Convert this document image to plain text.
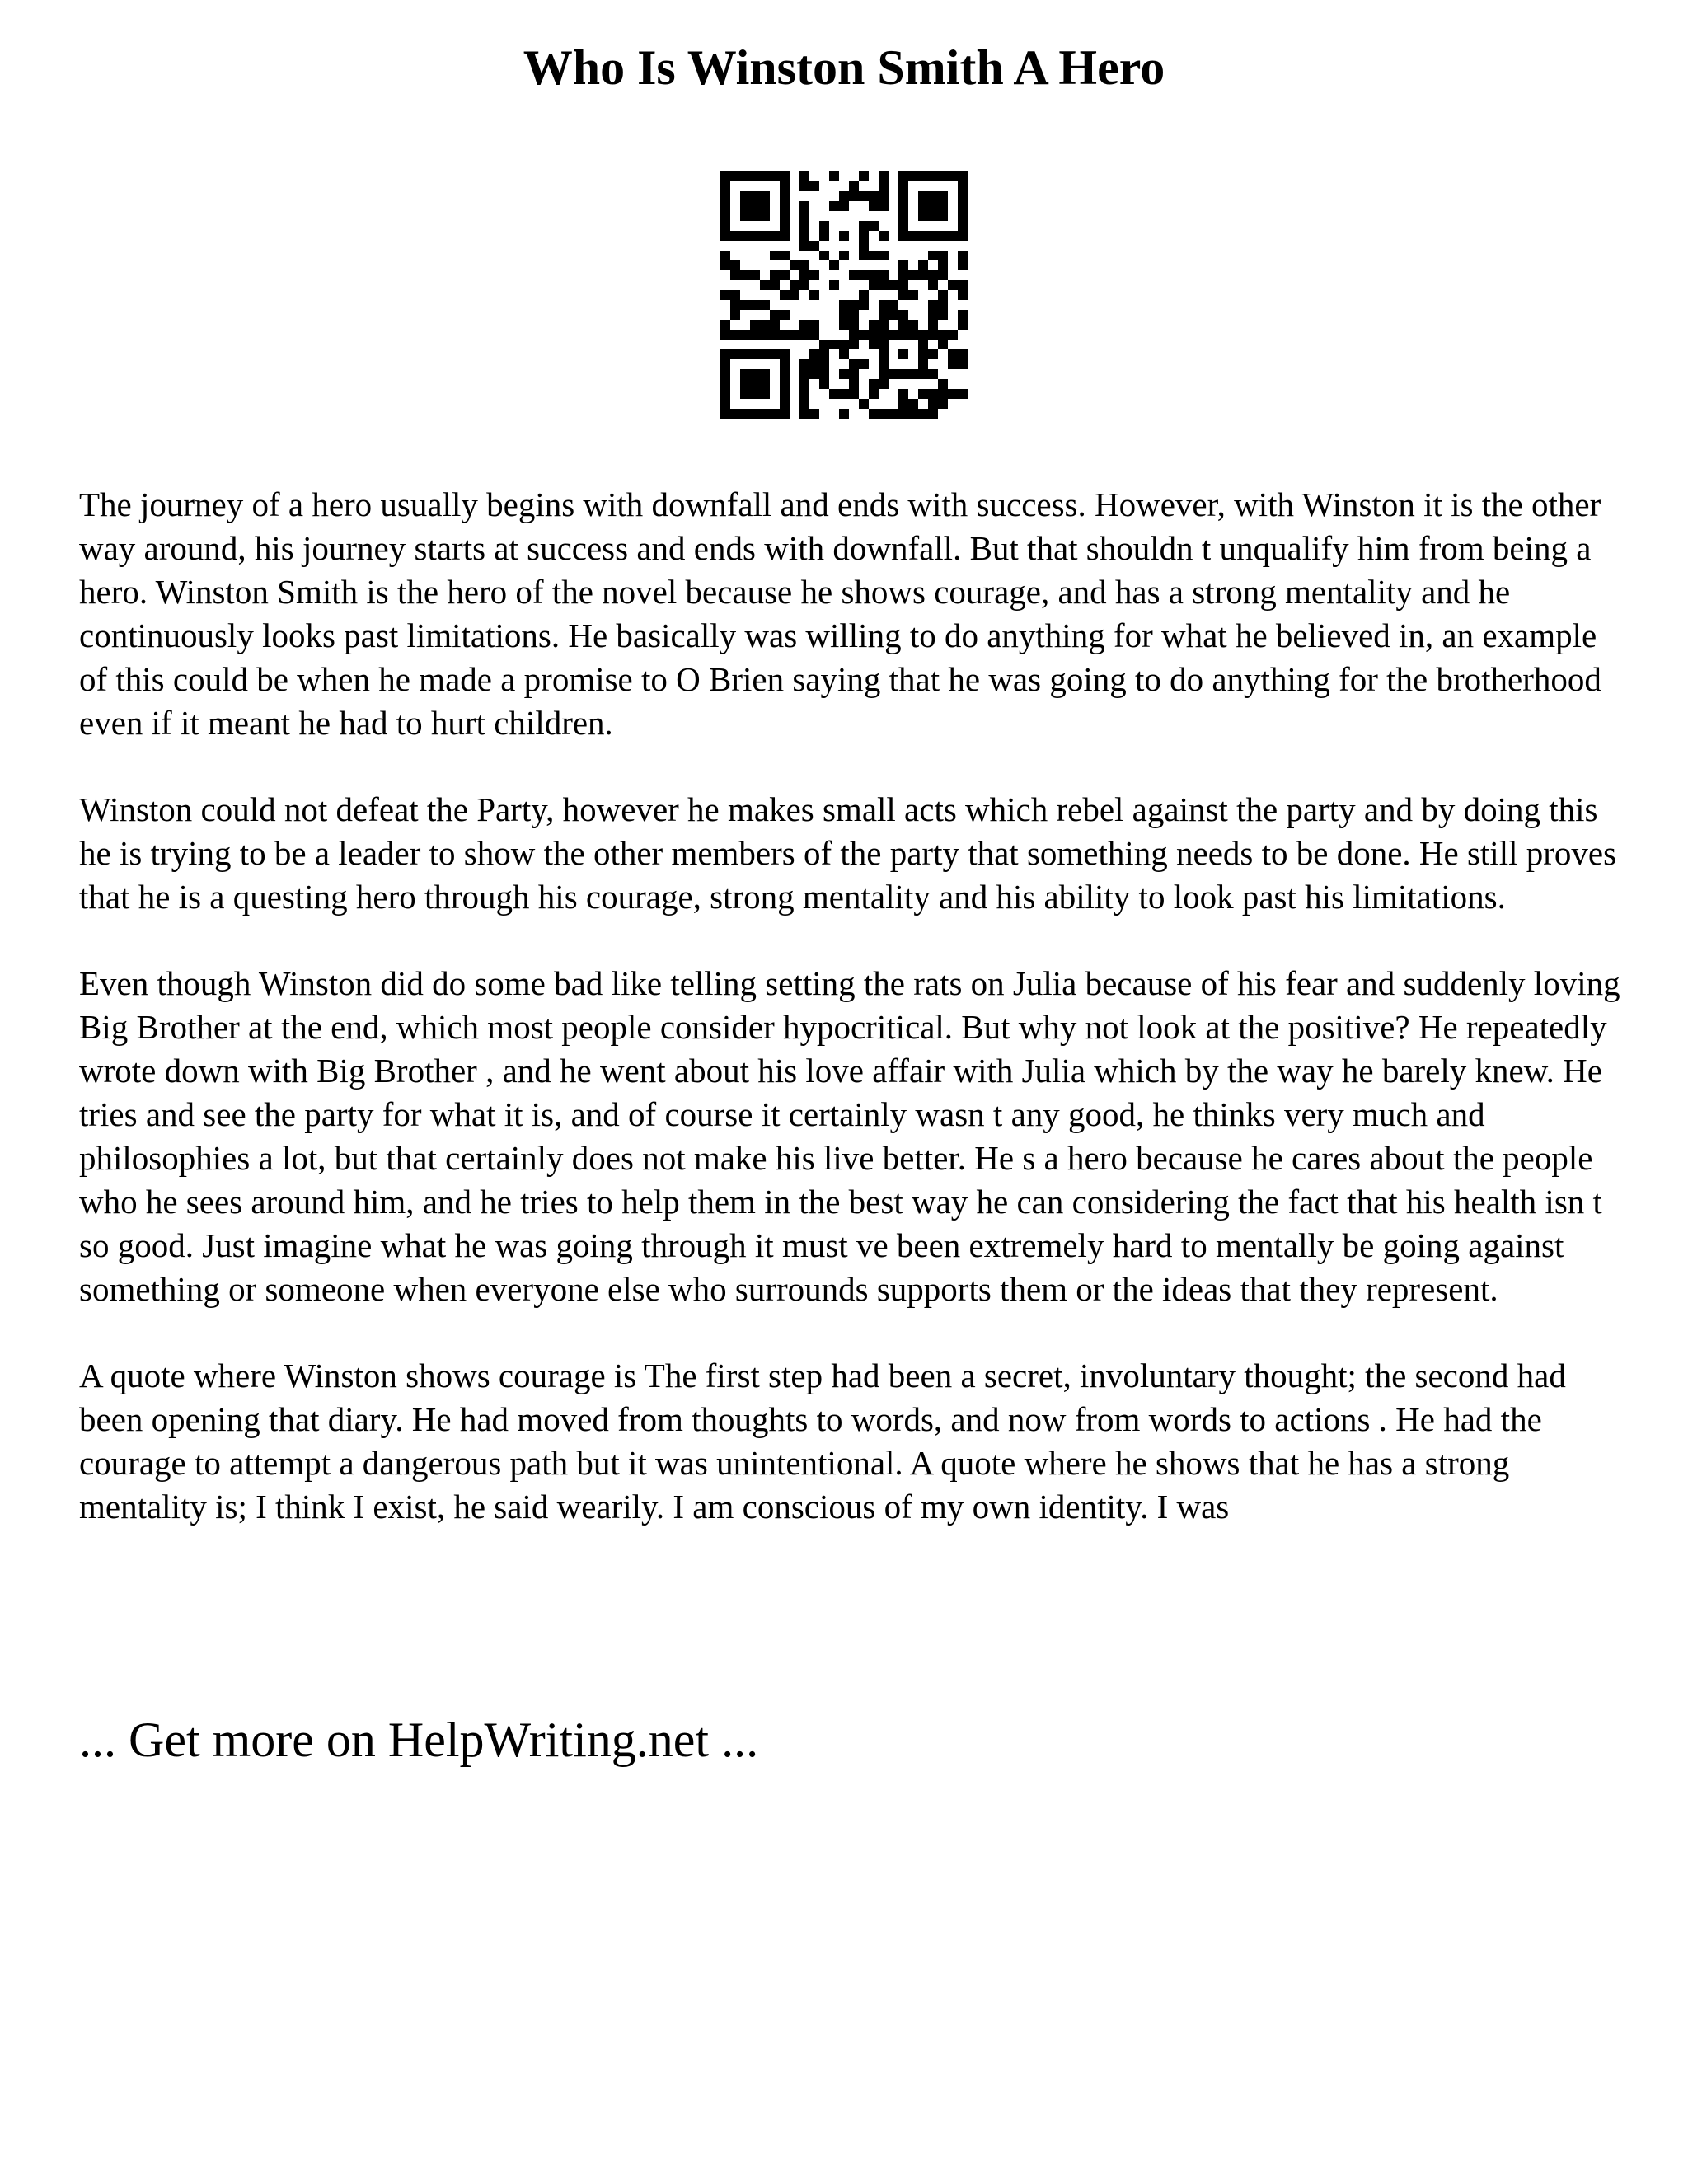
Who Is Winston Smith A Hero

The journey of a hero usually begins with downfall and ends with success. However, with Winston it is the other way around, his journey starts at success and ends with downfall. But that shouldn t unqualify him from being a hero. Winston Smith is the hero of the novel because he shows courage, and has a strong mentality and he continuously looks past limitations. He basically was willing to do anything for what he believed in, an example of this could be when he made a promise to O Brien saying that he was going to do anything for the brotherhood even if it meant he had to hurt children.

Winston could not defeat the Party, however he makes small acts which rebel against the party and by doing this he is trying to be a leader to show the other members of the party that something needs to be done. He still proves that he is a questing hero through his courage, strong mentality and his ability to look past his limitations.

Even though Winston did do some bad like telling setting the rats on Julia because of his fear and suddenly loving Big Brother at the end, which most people consider hypocritical. But why not look at the positive? He repeatedly wrote down with Big Brother , and he went about his love affair with Julia which by the way he barely knew. He tries and see the party for what it is, and of course it certainly wasn t any good, he thinks very much and philosophies a lot, but that certainly does not make his live better. He s a hero because he cares about the people who he sees around him, and he tries to help them in the best way he can considering the fact that his health isn t so good. Just imagine what he was going through it must ve been extremely hard to mentally be going against something or someone when everyone else who surrounds supports them or the ideas that they represent.

A quote where Winston shows courage is The first step had been a secret, involuntary thought; the second had been opening that diary. He had moved from thoughts to words, and now from words to actions . He had the courage to attempt a dangerous path but it was unintentional. A quote where he shows that he has a strong mentality is; I think I exist, he said wearily. I am conscious of my own identity. I was

... Get more on HelpWriting.net ...
